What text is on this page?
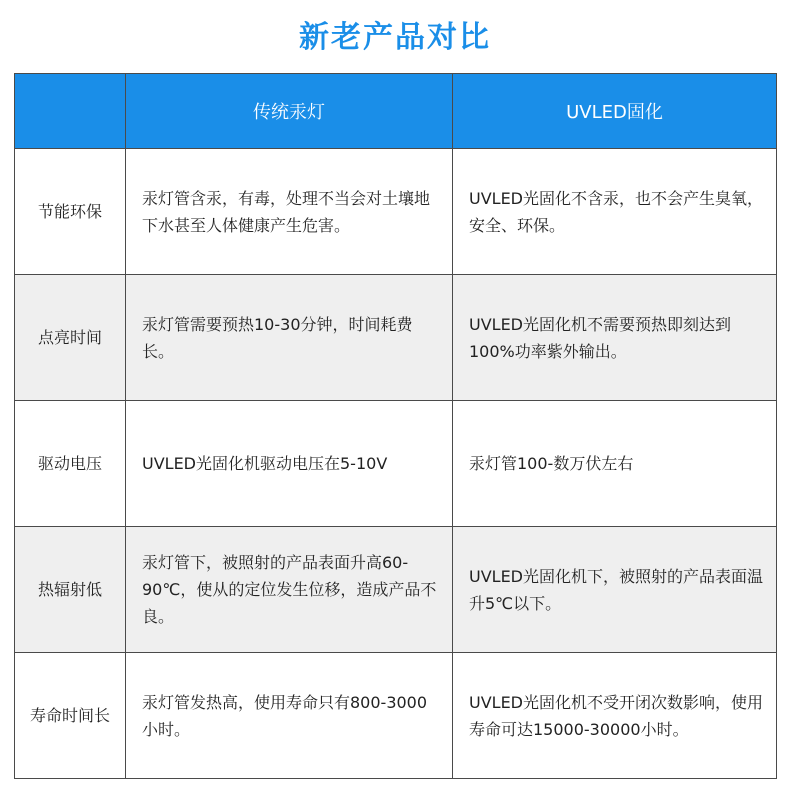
新老产品对比
	传统汞灯	UVLED固化
节能环保	汞灯管含汞，有毒，处理不当会对土壤地下水甚至人体健康产生危害。	UVLED光固化不含汞，也不会产生臭氧，安全、环保。
点亮时间	汞灯管需要预热10-30分钟，时间耗费长。	UVLED光固化机不需要预热即刻达到100%功率紫外输出。
驱动电压	UVLED光固化机驱动电压在5-10V	汞灯管100-数万伏左右
热辐射低	汞灯管下，被照射的产品表面升高60-90℃，使从的定位发生位移，造成产品不良。	UVLED光固化机下，被照射的产品表面温升5℃以下。
寿命时间长	汞灯管发热高，使用寿命只有800-3000小时。	UVLED光固化机不受开闭次数影响，使用寿命可达15000-30000小时。
